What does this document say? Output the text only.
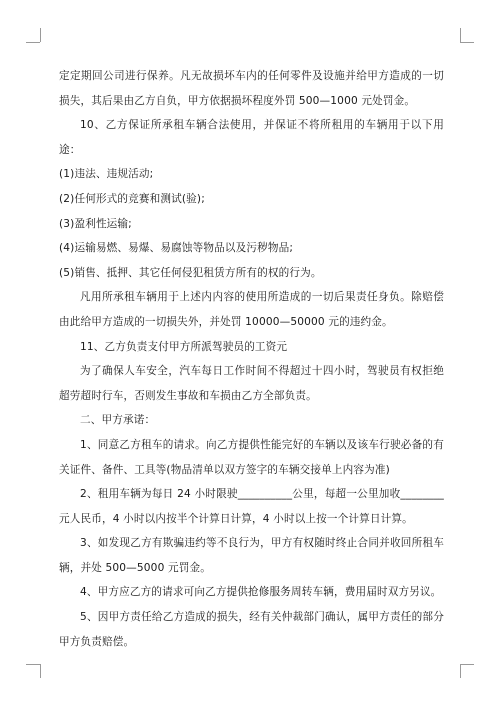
定定期回公司进行保养。凡无故损坏车内的任何零件及设施并给甲方造成的一切损失，其后果由乙方自负，甲方依据损坏程度外罚 500—1000 元处罚金。

10、乙方保证所承租车辆合法使用，并保证不将所租用的车辆用于以下用途：

(1)违法、违规活动;

(2)任何形式的竞赛和测试(验);

(3)盈利性运输;

(4)运输易燃、易爆、易腐蚀等物品以及污秽物品;

(5)销售、抵押、其它任何侵犯租赁方所有的权的行为。

凡用所承租车辆用于上述内内容的使用所造成的一切后果责任身负。除赔偿由此给甲方造成的一切损失外，并处罚 10000—50000 元的违约金。

11、乙方负责支付甲方所派驾驶员的工资元

为了确保人车安全，汽车每日工作时间不得超过十四小时，驾驶员有权拒绝超劳超时行车，否则发生事故和车损由乙方全部负责。

二、甲方承诺：

1、同意乙方租车的请求。向乙方提供性能完好的车辆以及该车行驶必备的有关证件、备件、工具等(物品清单以双方签字的车辆交接单上内容为准)

2、租用车辆为每日 24 小时限驶__________公里，每超一公里加收________元人民币，4 小时以内按半个计算日计算，4 小时以上按一个计算日计算。

3、如发现乙方有欺骗违约等不良行为，甲方有权随时终止合同并收回所租车辆，并处 500—5000 元罚金。

4、甲方应乙方的请求可向乙方提供抢修服务周转车辆，费用届时双方另议。

5、因甲方责任给乙方造成的损失，经有关仲裁部门确认，属甲方责任的部分甲方负责赔偿。
